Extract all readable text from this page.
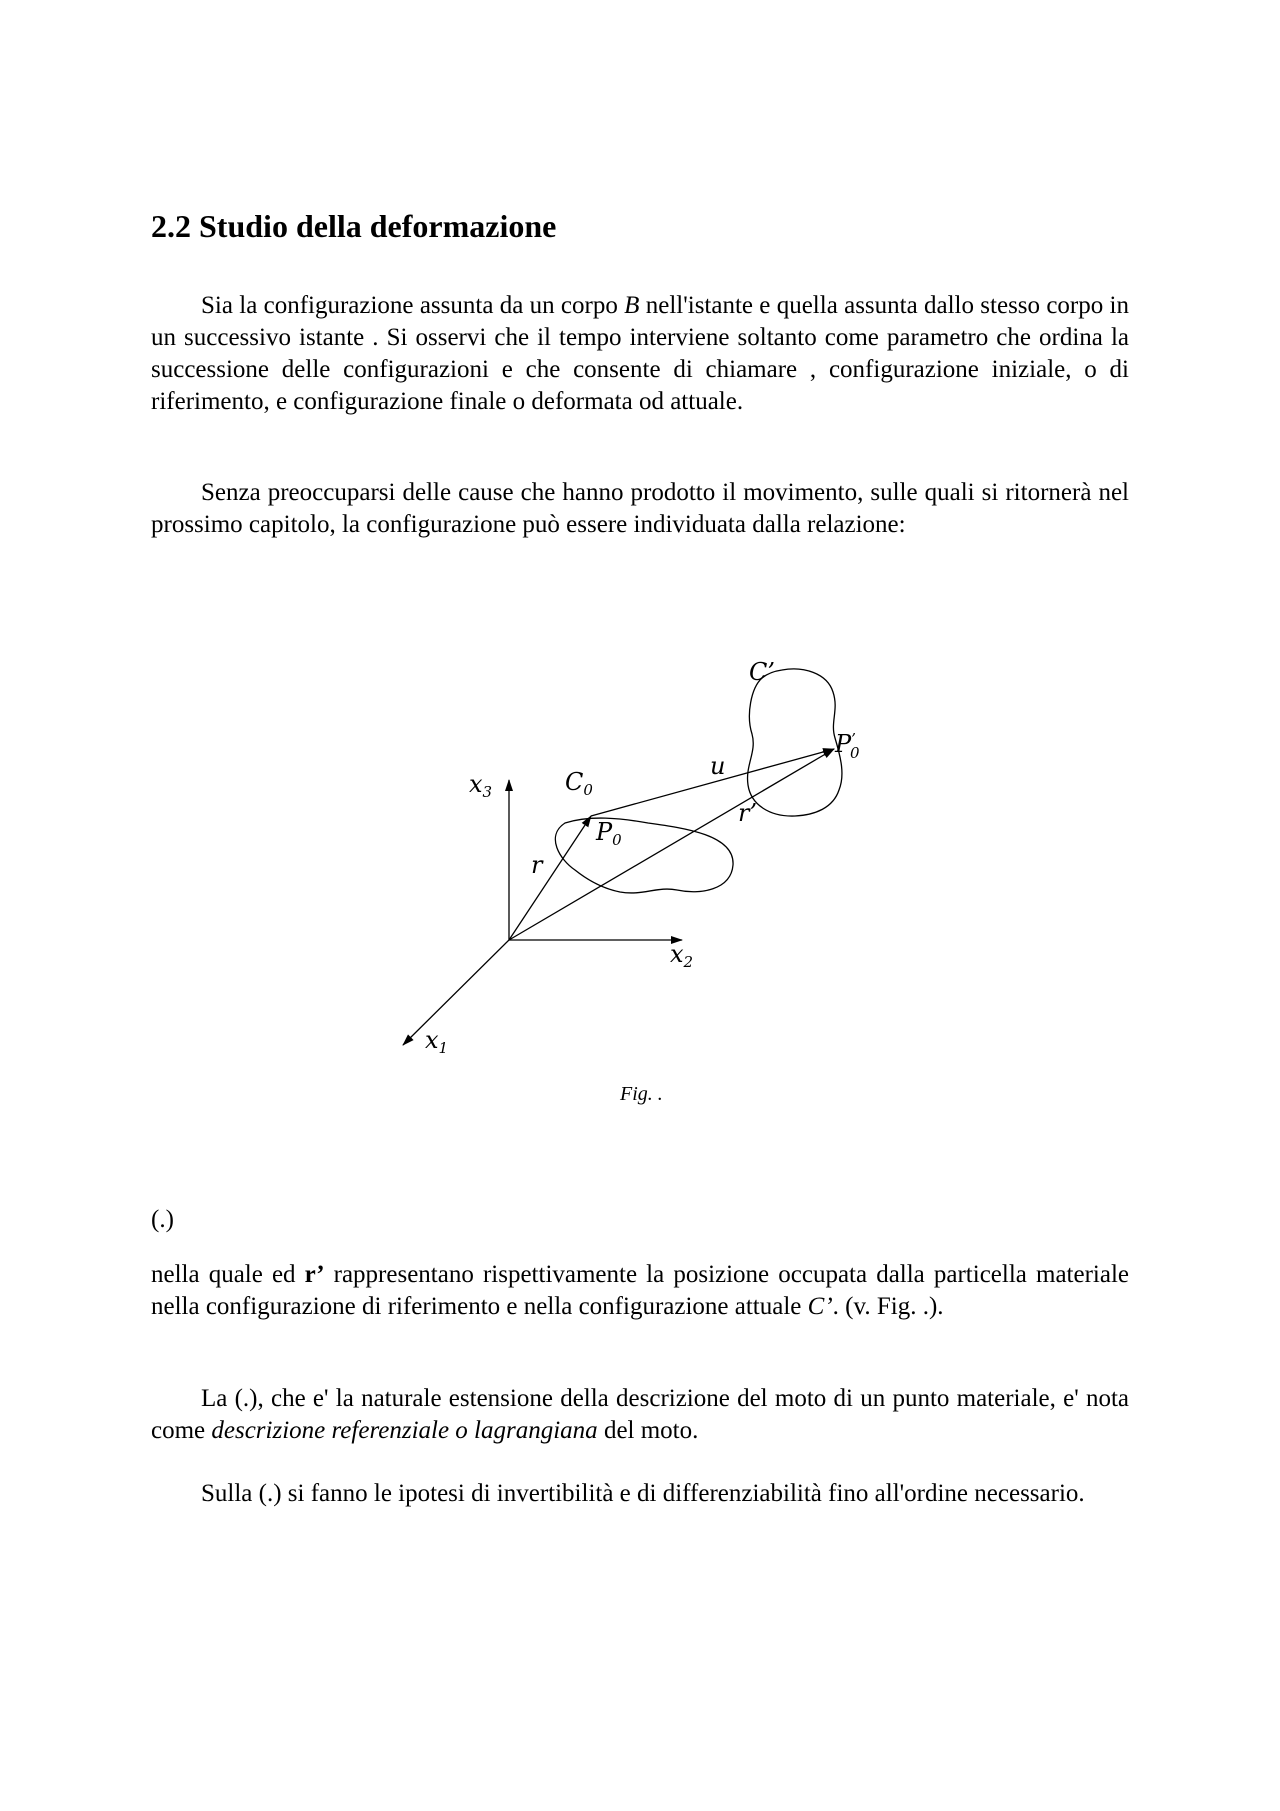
2.2 Studio della deformazione

Sia la configurazione assunta da un corpo B nell'istante e quella assunta dallo stesso corpo in un successivo istante . Si osservi che il tempo interviene soltanto come parametro che ordina la successione delle configurazioni e che consente di chiamare , configurazione iniziale, o di riferimento, e configurazione finale o deformata od attuale.

Senza preoccuparsi delle cause che hanno prodotto il movimento, sulle quali si ritornerà nel prossimo capitolo, la configurazione può essere individuata dalla relazione:

C’
$C_0$
u
P’ 0
$x_3$
r’
$P_0$
r
$x_2$
$x_1$
Fig. .
(.)

nella quale ed r’ rappresentano rispettivamente la posizione occupata dalla particella materiale nella configurazione di riferimento e nella configurazione attuale C’. (v. Fig. .).

La (.), che e' la naturale estensione della descrizione del moto di un punto materiale, e' nota come descrizione referenziale o lagrangiana del moto.

Sulla (.) si fanno le ipotesi di invertibilità e di differenziabilità fino all'ordine necessario.
